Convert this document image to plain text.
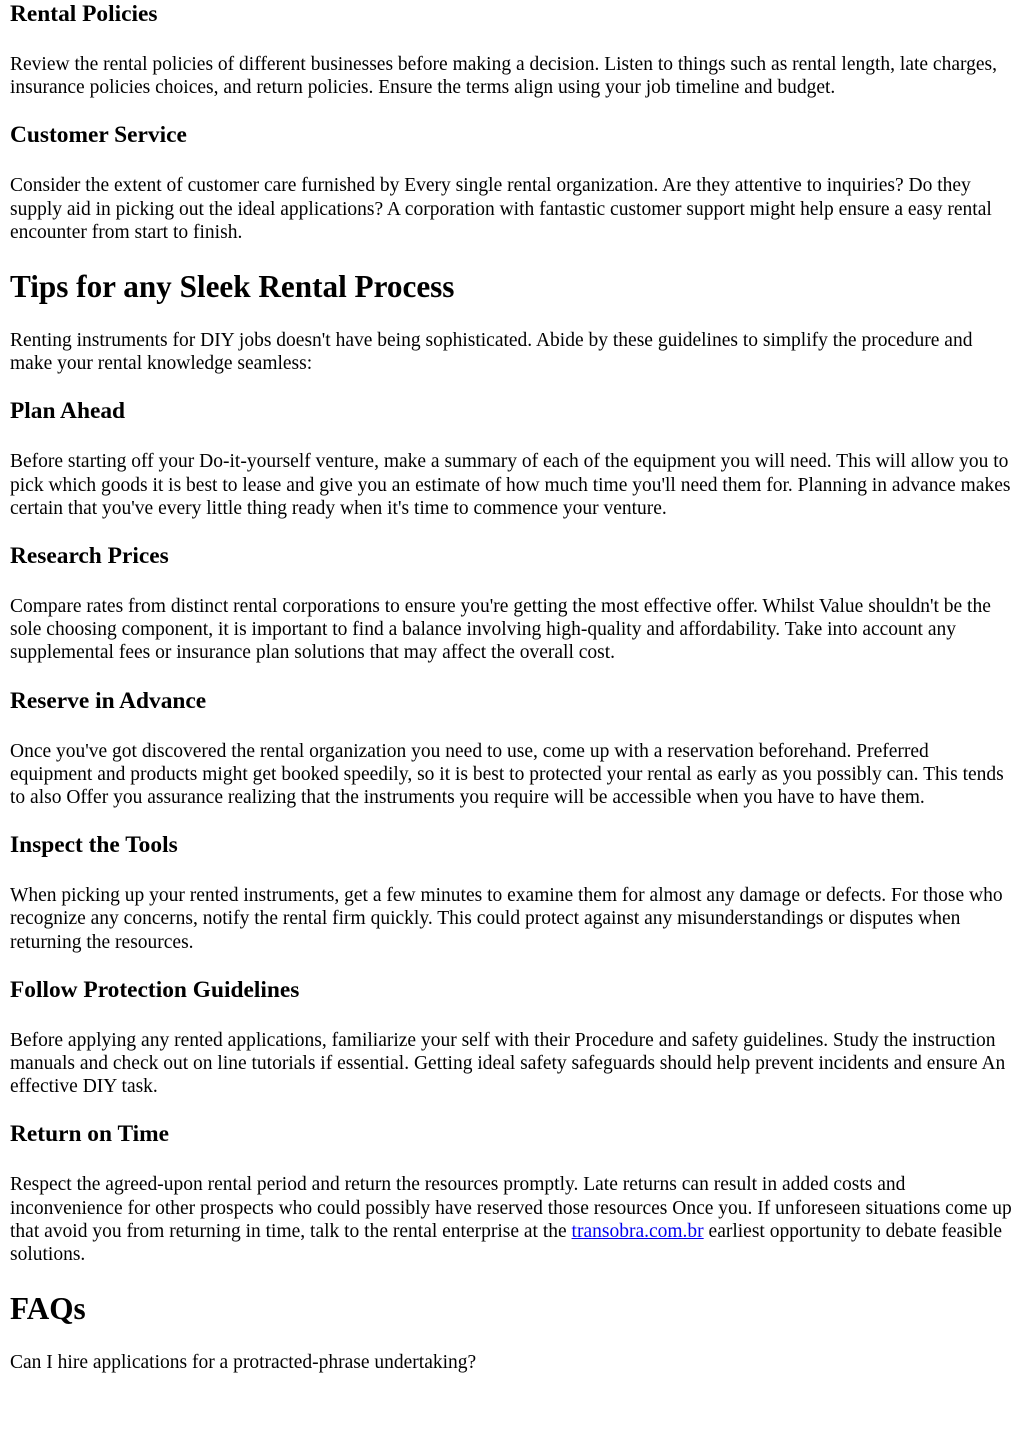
Rental Policies

Review the rental policies of different businesses before making a decision. Listen to things such as rental length, late charges, insurance policies choices, and return policies. Ensure the terms align using your job timeline and budget.

Customer Service

Consider the extent of customer care furnished by Every single rental organization. Are they attentive to inquiries? Do they supply aid in picking out the ideal applications? A corporation with fantastic customer support might help ensure a easy rental encounter from start to finish.

Tips for any Sleek Rental Process

Renting instruments for DIY jobs doesn't have being sophisticated. Abide by these guidelines to simplify the procedure and make your rental knowledge seamless:

Plan Ahead

Before starting off your Do-it-yourself venture, make a summary of each of the equipment you will need. This will allow you to pick which goods it is best to lease and give you an estimate of how much time you'll need them for. Planning in advance makes certain that you've every little thing ready when it's time to commence your venture.

Research Prices

Compare rates from distinct rental corporations to ensure you're getting the most effective offer. Whilst Value shouldn't be the sole choosing component, it is important to find a balance involving high-quality and affordability. Take into account any supplemental fees or insurance plan solutions that may affect the overall cost.

Reserve in Advance

Once you've got discovered the rental organization you need to use, come up with a reservation beforehand. Preferred equipment and products might get booked speedily, so it is best to protected your rental as early as you possibly can. This tends to also Offer you assurance realizing that the instruments you require will be accessible when you have to have them.

Inspect the Tools

When picking up your rented instruments, get a few minutes to examine them for almost any damage or defects. For those who recognize any concerns, notify the rental firm quickly. This could protect against any misunderstandings or disputes when returning the resources.

Follow Protection Guidelines

Before applying any rented applications, familiarize your self with their Procedure and safety guidelines. Study the instruction manuals and check out on line tutorials if essential. Getting ideal safety safeguards should help prevent incidents and ensure An effective DIY task.

Return on Time

Respect the agreed-upon rental period and return the resources promptly. Late returns can result in added costs and inconvenience for other prospects who could possibly have reserved those resources Once you. If unforeseen situations come up that avoid you from returning in time, talk to the rental enterprise at the transobra.com.br earliest opportunity to debate feasible solutions.

FAQs

Can I hire applications for a protracted-phrase undertaking?
